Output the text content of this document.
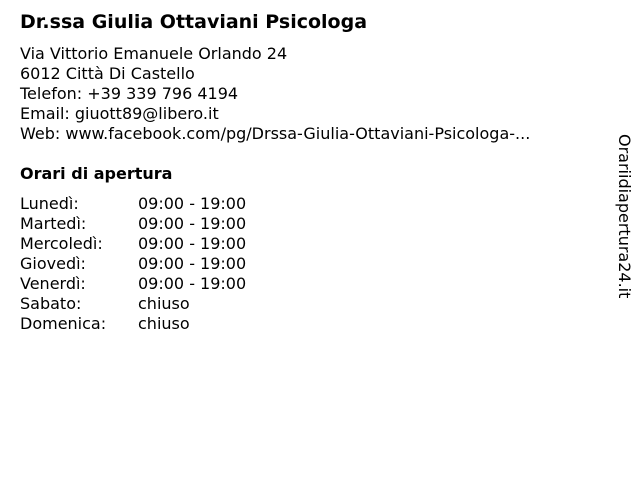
Dr.ssa Giulia Ottaviani Psicologa
Via Vittorio Emanuele Orlando 24
6012 Città Di Castello
Telefon: +39 339 796 4194
Email: giuott89@libero.it
Web: www.facebook.com/pg/Drssa-Giulia-Ottaviani-Psicologa-...
Orari di apertura
Lunedì:	09:00 - 19:00
Martedì:	09:00 - 19:00
Mercoledì: 09:00 - 19:00
Giovedì:	09:00 - 19:00
Venerdì:	09:00 - 19:00
Sabato:	chiuso
Domenica: chiuso
Orariidiapertura24.it
